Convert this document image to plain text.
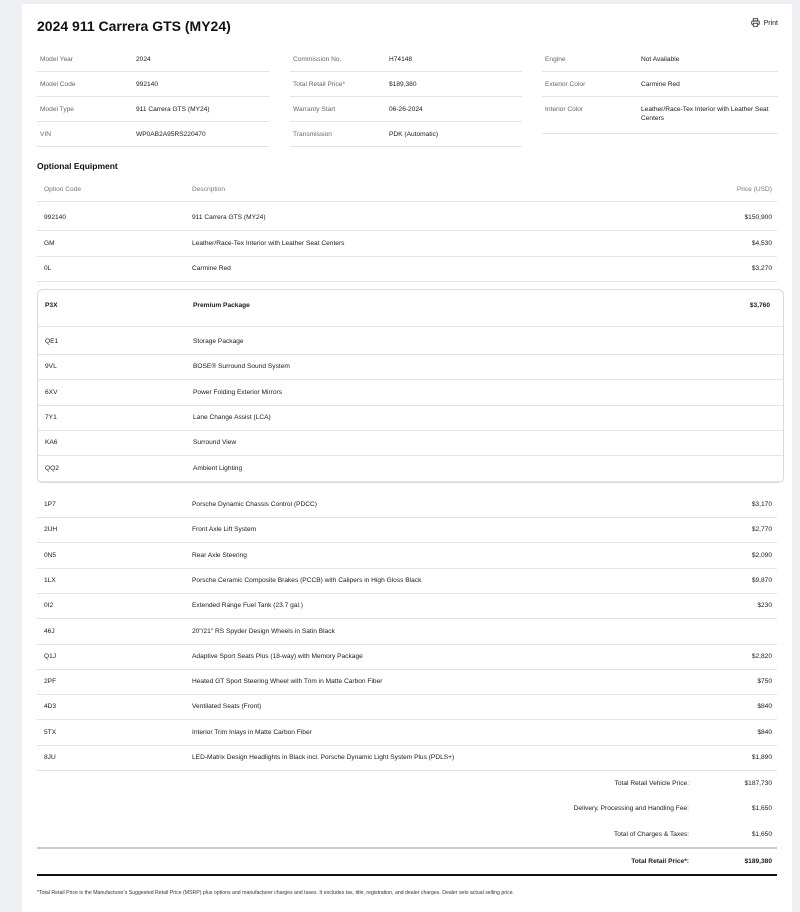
2024 911 Carrera GTS (MY24)	Print
Model Year	2024
Model Code	992140
Model Type	911 Carrera GTS (MY24)
VIN	WP0AB2A95RS220470
Commission No.	H74148
Total Retail Price*	$189,380
Warranty Start	06-26-2024
Transmission	PDK (Automatic)
Engine	Not Available
Exterior Color	Carmine Red
Interior Color	Leather/Race-Tex Interior with Leather Seat Centers
Optional Equipment
Option Code	Description	Price (USD)
992140	911 Carrera GTS (MY24)	$150,900
GM	Leather/Race-Tex Interior with Leather Seat Centers	$4,530
0L	Carmine Red	$3,270
P3X	Premium Package	$3,760
QE1	Storage Package
9VL	BOSE® Surround Sound System
6XV	Power Folding Exterior Mirrors
7Y1	Lane Change Assist (LCA)
KA6	Surround View
QQ2	Ambient Lighting
1P7	Porsche Dynamic Chassis Control (PDCC)	$3,170
2UH	Front Axle Lift System	$2,770
0N5	Rear Axle Steering	$2,090
1LX	Porsche Ceramic Composite Brakes (PCCB) with Calipers in High Gloss Black	$9,870
0I2	Extended Range Fuel Tank (23.7 gal.)	$230
46J	20"/21" RS Spyder Design Wheels in Satin Black
Q1J	Adaptive Sport Seats Plus (18-way) with Memory Package	$2,820
2PF	Heated GT Sport Steering Wheel with Trim in Matte Carbon Fiber	$750
4D3	Ventilated Seats (Front)	$840
5TX	Interior Trim Inlays in Matte Carbon Fiber	$840
8JU	LED-Matrix Design Headlights in Black incl. Porsche Dynamic Light System Plus (PDLS+)	$1,890
Total Retail Vehicle Price:	$187,730
Delivery, Processing and Handling Fee:	$1,650
Total of Charges & Taxes:	$1,650
Total Retail Price*:	$189,380
*Total Retail Price is the Manufacturer's Suggested Retail Price (MSRP) plus options and manufacturer charges and taxes. It excludes tax, title, registration, and dealer charges. Dealer sets actual selling price.
